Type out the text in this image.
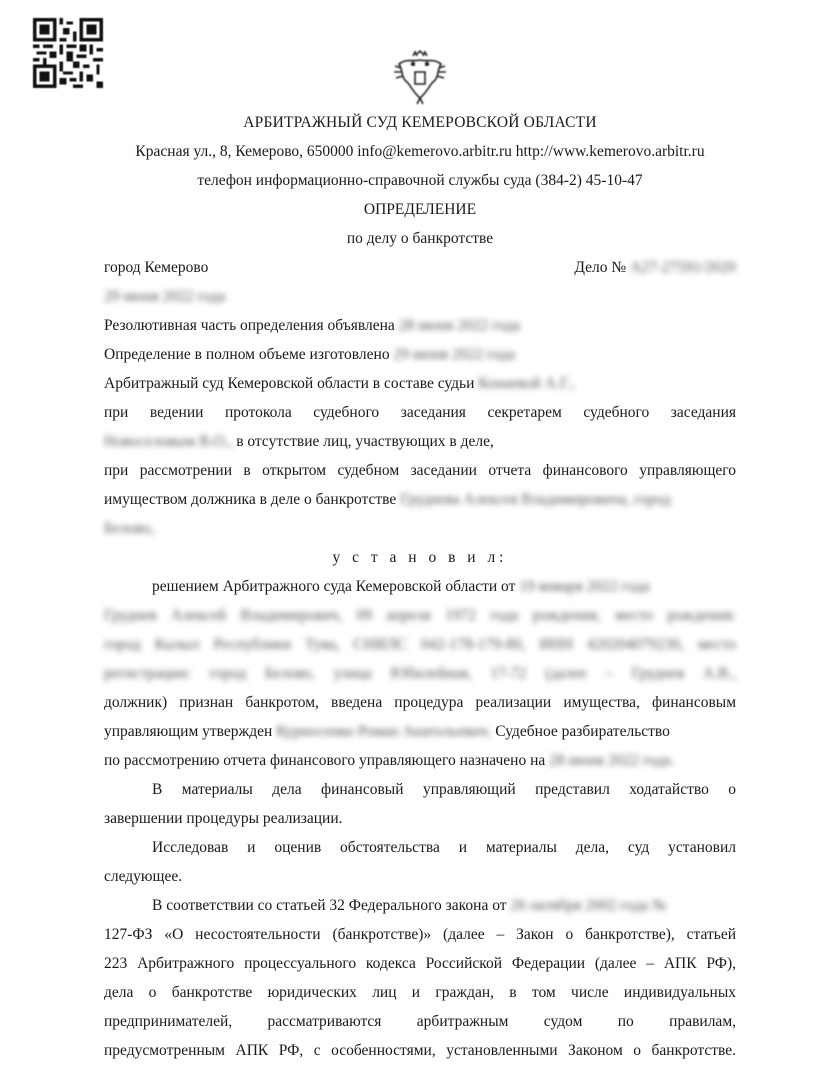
АРБИТРАЖНЫЙ СУД КЕМЕРОВСКОЙ ОБЛАСТИ
Красная ул., 8, Кемерово, 650000 info@kemerovo.arbitr.ru http://www.kemerovo.arbitr.ru
телефон информационно-справочной службы суда (384-2) 45-10-47
ОПРЕДЕЛЕНИЕ
по делу о банкротстве
город Кемерово	Дело № А27-27591/2020
29 июня 2022 года
Резолютивная часть определения объявлена 28 июня 2022 года
Определение в полном объеме изготовлено 29 июня 2022 года
Арбитражный суд Кемеровской области в составе судьи Конаевой А.Г.,
при ведении протокола судебного заседания секретарем судебного заседания
Новоселовым В.О., в отсутствие лиц, участвующих в деле,
при рассмотрении в открытом судебном заседании отчета финансового управляющего
имуществом должника в деле о банкротстве Груднева Алексея Владимировича, город
Белово,
у с т а н о в и л:
решением Арбитражного суда Кемеровской области от 19 января 2022 года
Груднев Алексей Владимирович, 09 апреля 1972 года рождения, место рождения:
город Кызыл Республики Тува, СНИЛС 042-178-179-80, ИНН 420204079230, место
регистрации: город Белово, улица Юбилейная, 17-72 (далее – Груднев А.В.,
должник) признан банкротом, введена процедура реализации имущества, финансовым
управляющим утвержден Курносенко Роман Анатольевич. Судебное разбирательство
по рассмотрению отчета финансового управляющего назначено на 28 июня 2022 года.
В материалы дела финансовый управляющий представил ходатайство о
завершении процедуры реализации.
Исследовав и оценив обстоятельства и материалы дела, суд установил
следующее.
В соответствии со статьей 32 Федерального закона от 26 октября 2002 года №
127-ФЗ «О несостоятельности (банкротстве)» (далее – Закон о банкротстве), статьей
223 Арбитражного процессуального кодекса Российской Федерации (далее – АПК РФ),
дела о банкротстве юридических лиц и граждан, в том числе индивидуальных
предпринимателей, рассматриваются арбитражным судом по правилам,
предусмотренным АПК РФ, с особенностями, установленными Законом о банкротстве.
